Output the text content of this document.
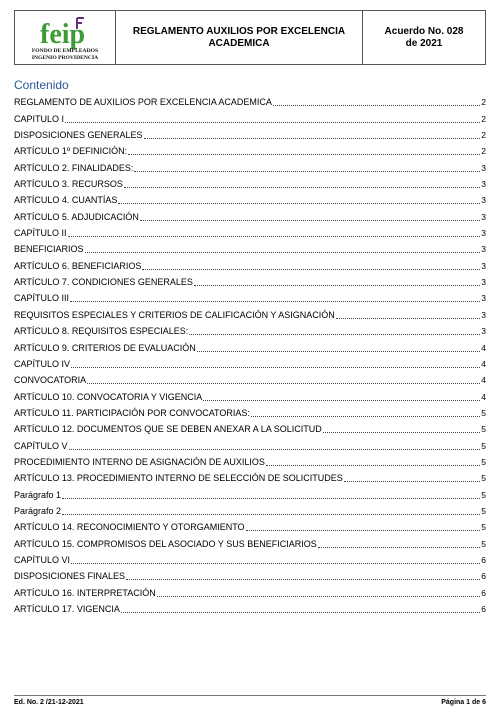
feip
FONDO DE EMPLEADOS
INGENIO PROVIDENCIA
REGLAMENTO AUXILIOS POR EXCELENCIA
ACADEMICA
Acuerdo No. 028
de 2021
Contenido
REGLAMENTO DE AUXILIOS POR EXCELENCIA ACADEMICA	2
CAPITULO I	2
DISPOSICIONES GENERALES	2
ARTÍCULO 1º DEFINICIÓN:	2
ARTÍCULO 2. FINALIDADES:	3
ARTÍCULO 3. RECURSOS	3
ARTÍCULO 4. CUANTÍAS	3
ARTÍCULO 5. ADJUDICACIÓN	3
CAPÍTULO II	3
BENEFICIARIOS	3
ARTÍCULO 6. BENEFICIARIOS	3
ARTÍCULO 7. CONDICIONES GENERALES	3
CAPÍTULO III	3
REQUISITOS ESPECIALES Y CRITERIOS DE CALIFICACIÓN Y ASIGNACIÓN	3
ARTÍCULO 8. REQUISITOS ESPECIALES:	3
ARTÍCULO 9. CRITERIOS DE EVALUACIÓN	4
CAPÍTULO IV	4
CONVOCATORIA	4
ARTÍCULO 10. CONVOCATORIA Y VIGENCIA	4
ARTÍCULO 11. PARTICIPACIÓN POR CONVOCATORIAS:	5
ARTÍCULO 12. DOCUMENTOS QUE SE DEBEN ANEXAR A LA SOLICITUD	5
CAPÍTULO V	5
PROCEDIMIENTO INTERNO DE ASIGNACIÓN DE AUXILIOS	5
ARTÍCULO 13. PROCEDIMIENTO INTERNO DE SELECCIÓN DE SOLICITUDES	5
Parágrafo 1	5
Parágrafo 2	5
ARTÍCULO 14. RECONOCIMIENTO Y OTORGAMIENTO	5
ARTÍCULO 15. COMPROMISOS DEL ASOCIADO Y SUS BENEFICIARIOS	5
CAPÍTULO VI	6
DISPOSICIONES FINALES	6
ARTÍCULO 16. INTERPRETACIÓN	6
ARTÍCULO 17. VIGENCIA	6
Ed. No. 2 /21-12-2021	Página 1 de 6
